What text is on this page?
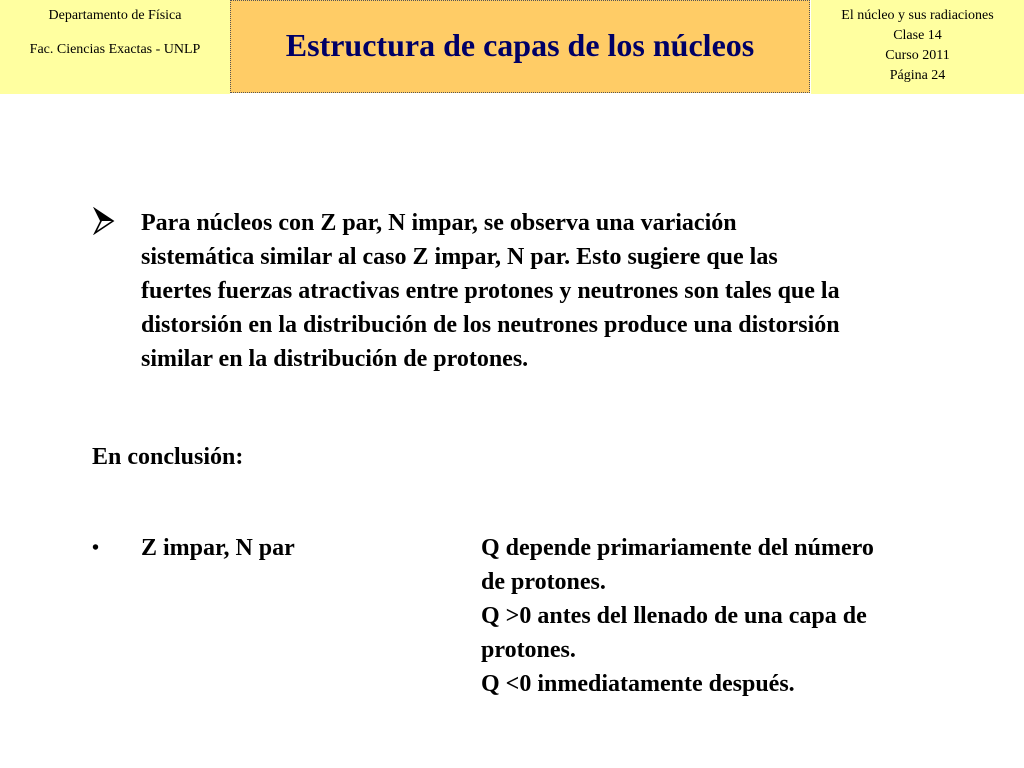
Departamento de Física
Fac. Ciencias Exactas - UNLP	Estructura de capas de los núcleos
El núcleo y sus radiaciones
Clase 14
Curso 2011
Página 24
Para núcleos con Z par, N impar, se observa una variación
sistemática similar al caso Z impar, N par. Esto sugiere que las
fuertes fuerzas atractivas entre protones y neutrones son tales que la
distorsión en la distribución de los neutrones produce una distorsión
similar en la distribución de protones.
En conclusión:
• Z impar, N par	Q depende primariamente del número
de protones.
Q >0 antes del llenado de una capa de
protones.
Q <0 inmediatamente después.
